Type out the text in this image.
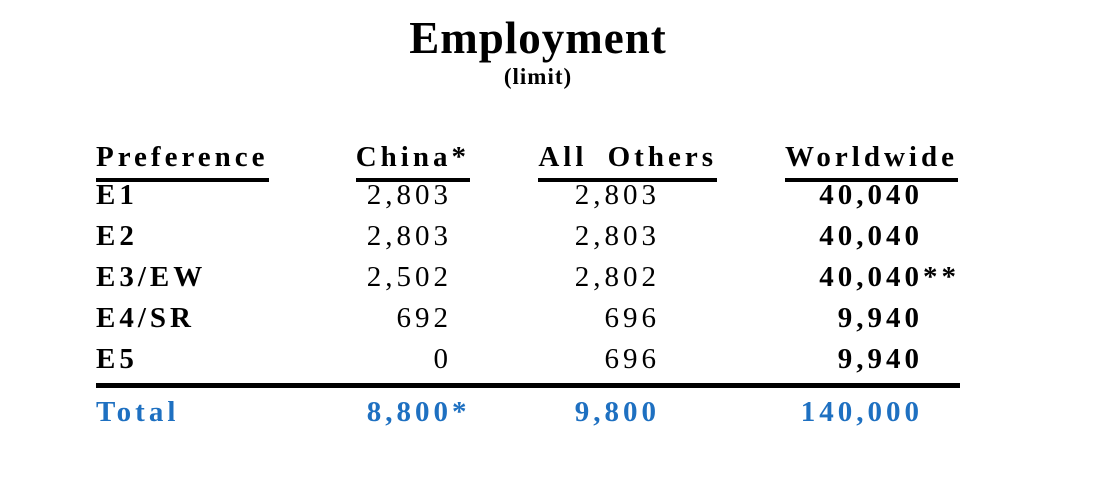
Employment
(limit)
Preference	China*	All Others	Worldwide
E1	2,803	2,803	40,040
E2	2,803	2,803	40,040
E3/EW	2,502	2,802	40,040 **
E4/SR	692	696	9,940
E5	0	696	9,940
Total	8,800 *	9,800	140,000
